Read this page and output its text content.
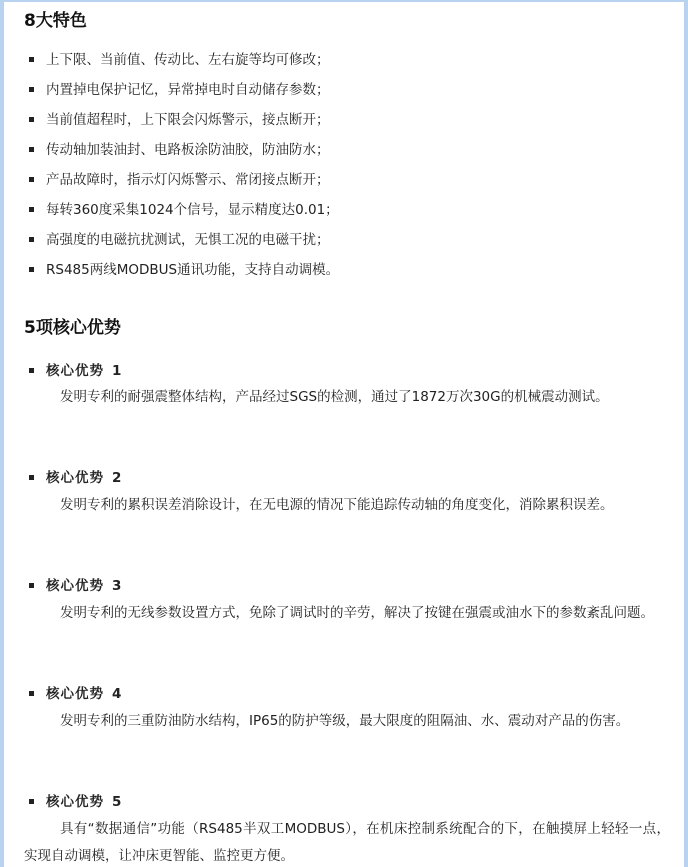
8大特色
上下限、当前值、传动比、左右旋等均可修改；
内置掉电保护记忆，异常掉电时自动储存参数；
当前值超程时，上下限会闪烁警示，接点断开；
传动轴加装油封、电路板涂防油胶，防油防水；
产品故障时，指示灯闪烁警示、常闭接点断开；
每转360度采集1024个信号，显示精度达0.01；
高强度的电磁抗扰测试，无惧工况的电磁干扰；
RS485两线MODBUS通讯功能，支持自动调模。
5项核心优势
核心优势 1

发明专利的耐强震整体结构，产品经过SGS的检测，通过了1872万次30G的机械震动测试。

核心优势 2

发明专利的累积误差消除设计，在无电源的情况下能追踪传动轴的角度变化，消除累积误差。

核心优势 3

发明专利的无线参数设置方式，免除了调试时的辛劳，解决了按键在强震或油水下的参数紊乱问题。

核心优势 4

发明专利的三重防油防水结构，IP65的防护等级，最大限度的阻隔油、水、震动对产品的伤害。

核心优势 5

具有“数据通信”功能（RS485半双工MODBUS），在机床控制系统配合的下，在触摸屏上轻轻一点，实现自动调模，让冲床更智能、监控更方便。
